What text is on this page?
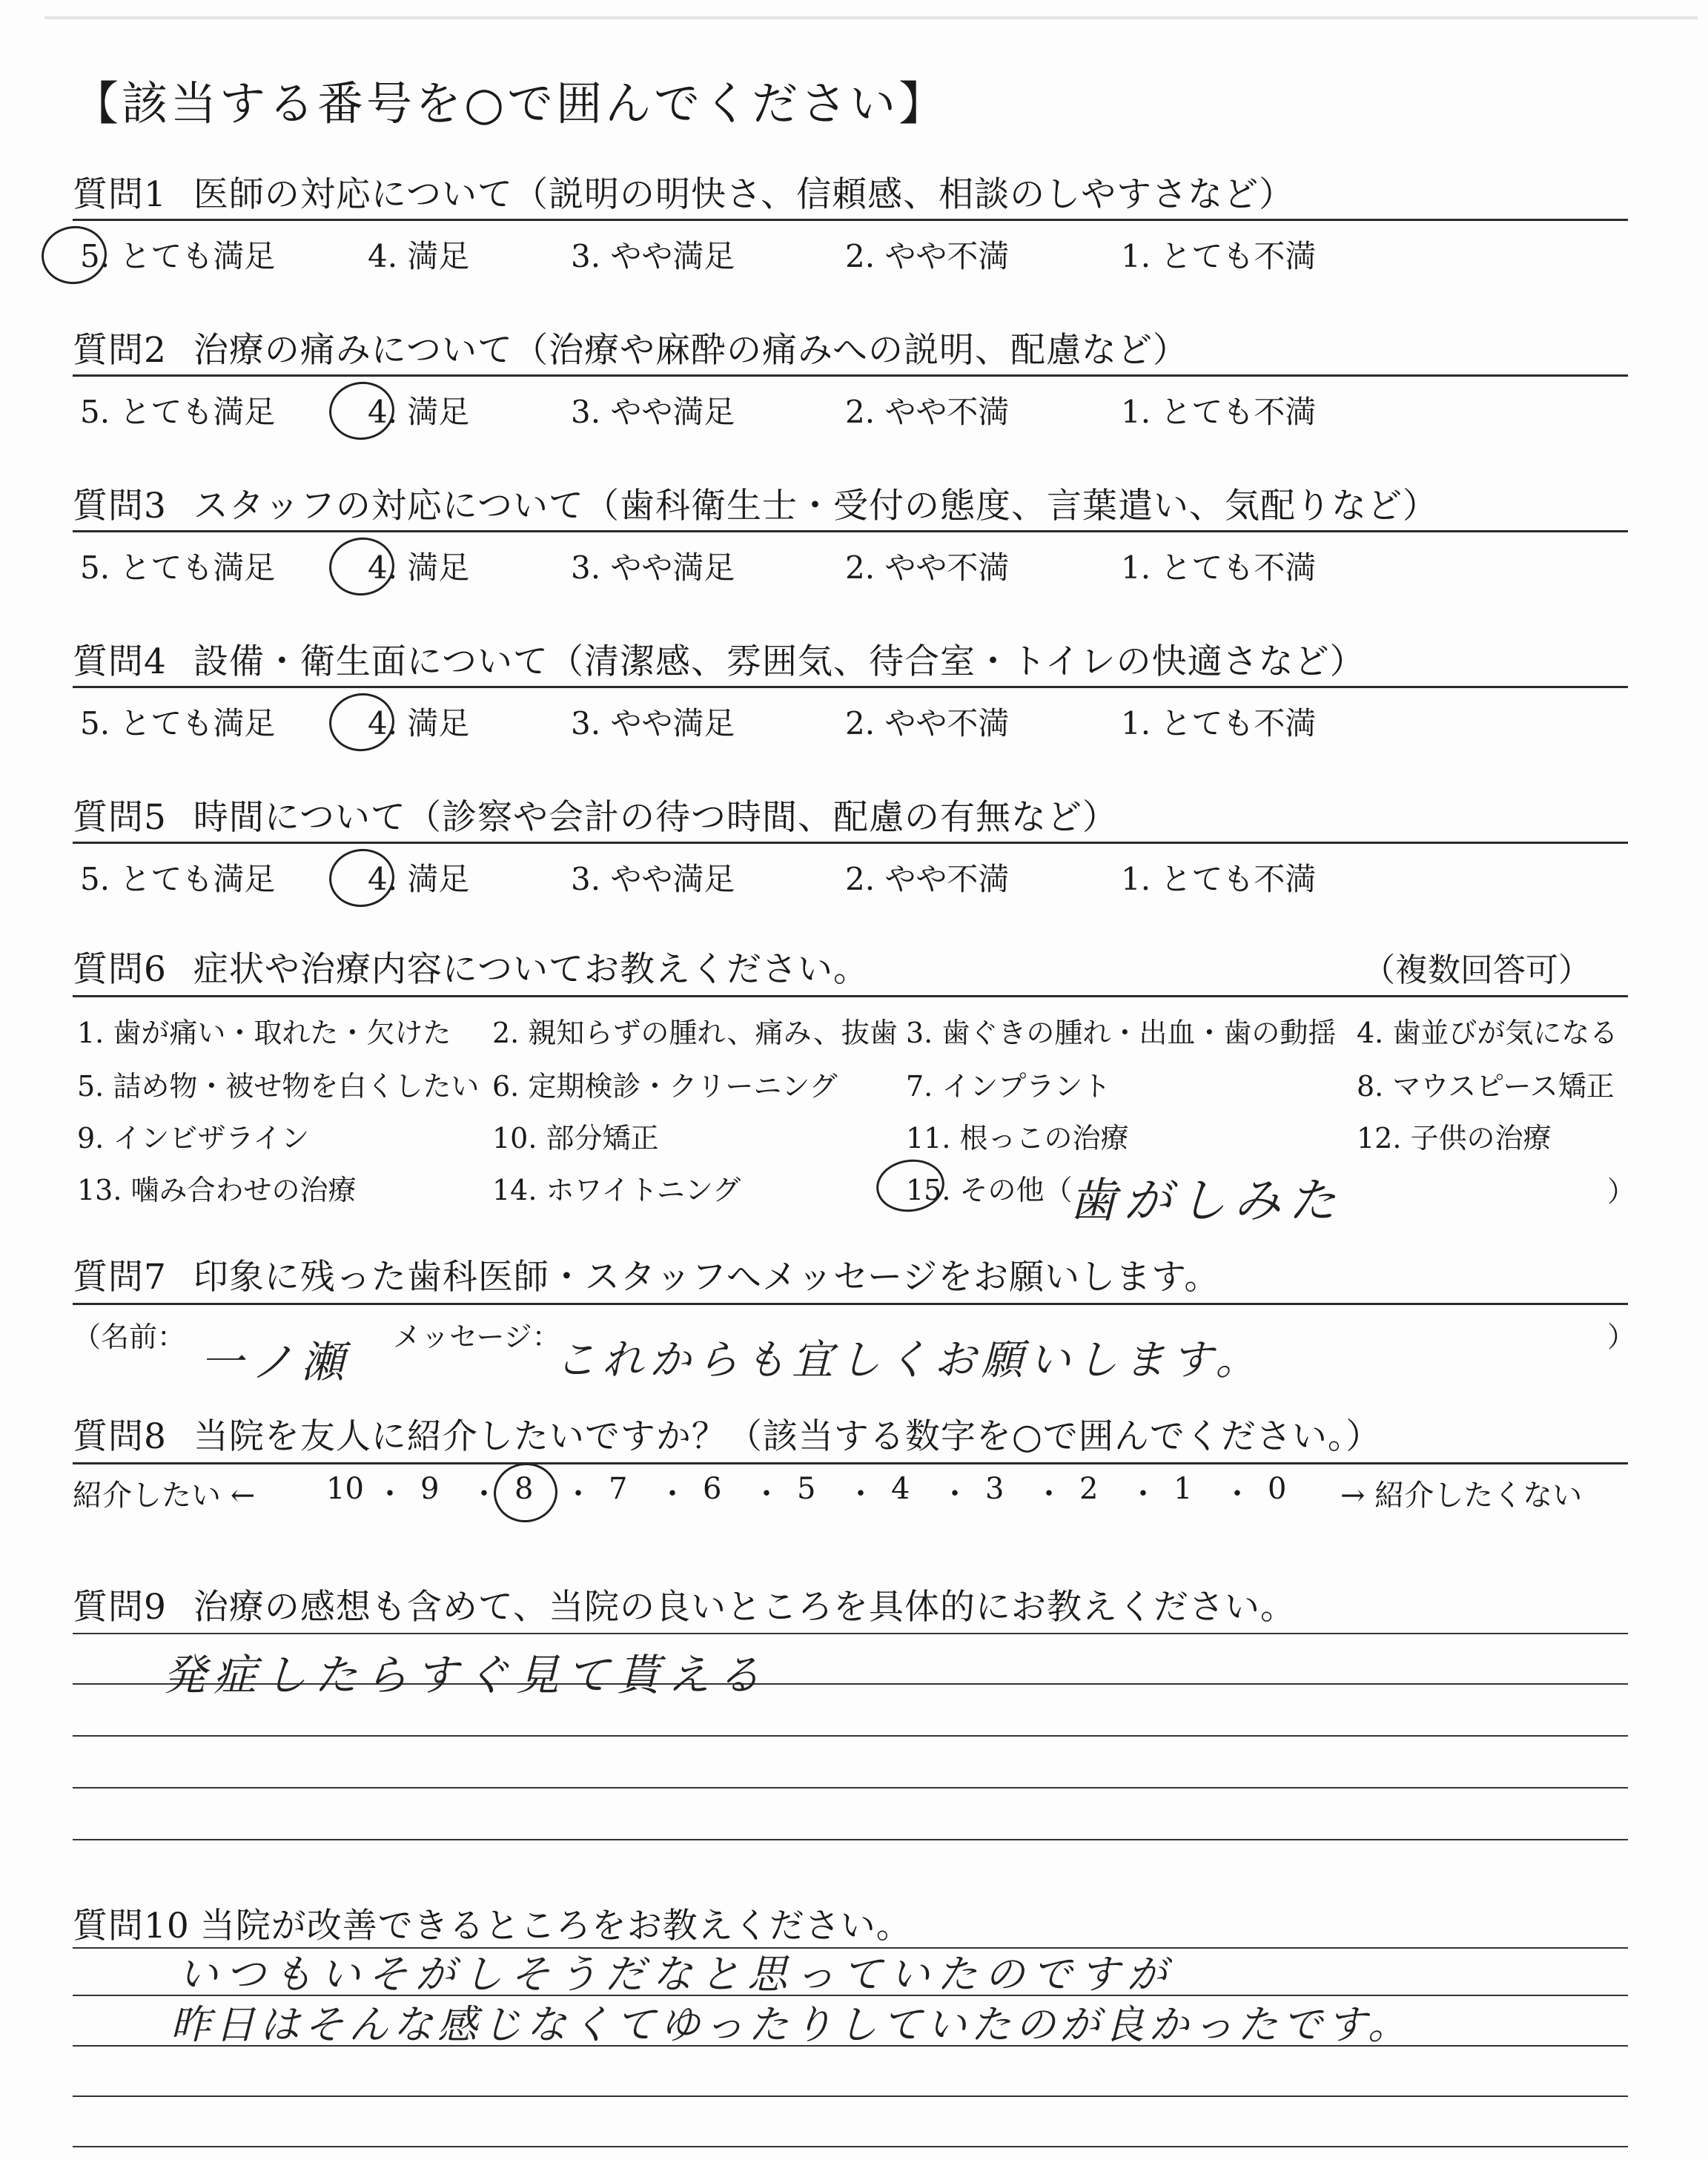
【該当する番号を○で囲んでください】
質問1 医師の対応について（説明の明快さ、信頼感、相談のしやすさなど）
5. とても満足	4. 満足	3. やや満足	2. やや不満	1. とても不満
質問2 治療の痛みについて（治療や麻酔の痛みへの説明、配慮など）
5. とても満足	4. 満足	3. やや満足	2. やや不満	1. とても不満
質問3 スタッフの対応について（歯科衛生士・受付の態度、言葉遣い、気配りなど）
5. とても満足	4. 満足	3. やや満足	2. やや不満	1. とても不満
質問4 設備・衛生面について（清潔感、雰囲気、待合室・トイレの快適さなど）
5. とても満足	4. 満足	3. やや満足	2. やや不満	1. とても不満
質問5 時間について（診察や会計の待つ時間、配慮の有無など）
5. とても満足	4. 満足	3. やや満足	2. やや不満	1. とても不満
質問6 症状や治療内容についてお教えください。	（複数回答可）
1. 歯が痛い・取れた・欠けた 2. 親知らずの腫れ、痛み、抜歯 3. 歯ぐきの腫れ・出血・歯の動揺 4. 歯並びが気になる
5. 詰め物・被せ物を白くしたい 6. 定期検診・クリーニング 7. インプラント	8. マウスピース矯正
9. インビザライン	10. 部分矯正	11. 根っこの治療	12. 子供の治療
13. 噛み合わせの治療	14. ホワイトニング	15. その他（
歯がしみた	）
質問7 印象に残った歯科医師・スタッフへメッセージをお願いします。
（名前： 一ノ瀬 メッセージ：
これからも宜しくお願いします。	）
質問8 当院を友人に紹介したいですか？（該当する数字を○で囲んでください。）
紹介したい ←	→ 紹介したくない
10 ・ 9 ・ 8 ・ 7 ・ 6 ・ 5 ・ 4 ・ 3 ・ 2 ・ 1 ・ 0
質問9 治療の感想も含めて、当院の良いところを具体的にお教えください。
発症したらすぐ見て貰える
質問10 当院が改善できるところをお教えください。
いつもいそがしそうだなと思っていたのですが
昨日はそんな感じなくてゆったりしていたのが良かったです。
